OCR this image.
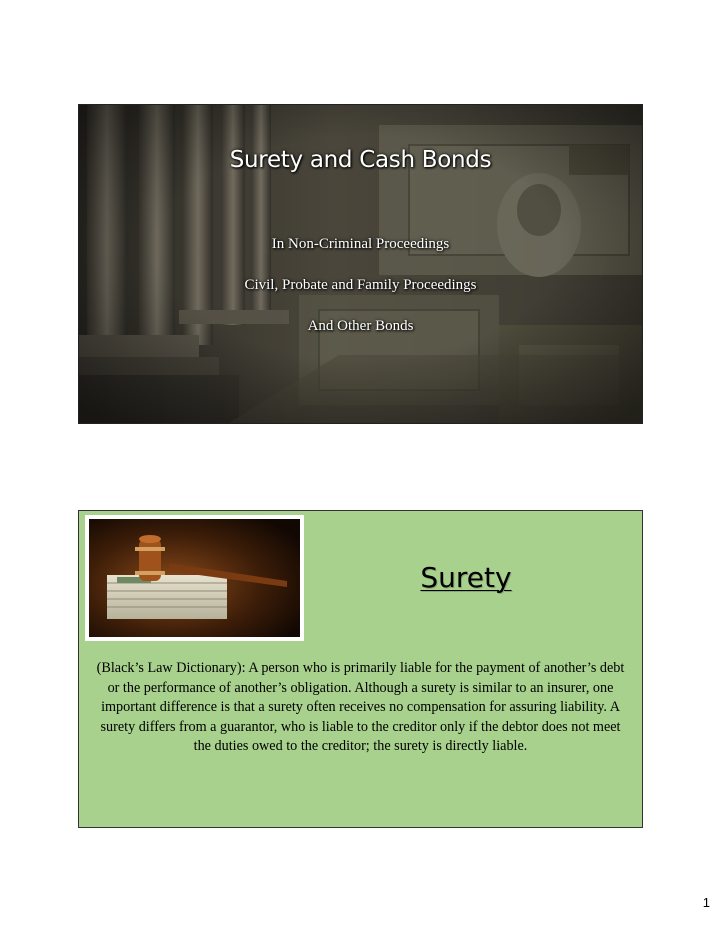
Surety and Cash Bonds
In Non-Criminal Proceedings
Civil, Probate and Family Proceedings
And Other Bonds
Surety
(Black’s Law Dictionary): A person who is primarily liable for the payment of another’s debt or the performance of another’s obligation. Although a surety is similar to an insurer, one important difference is that a surety often receives no compensation for assuring liability. A surety differs from a guarantor, who is liable to the creditor only if the debtor does not meet the duties owed to the creditor; the surety is directly liable.
1
